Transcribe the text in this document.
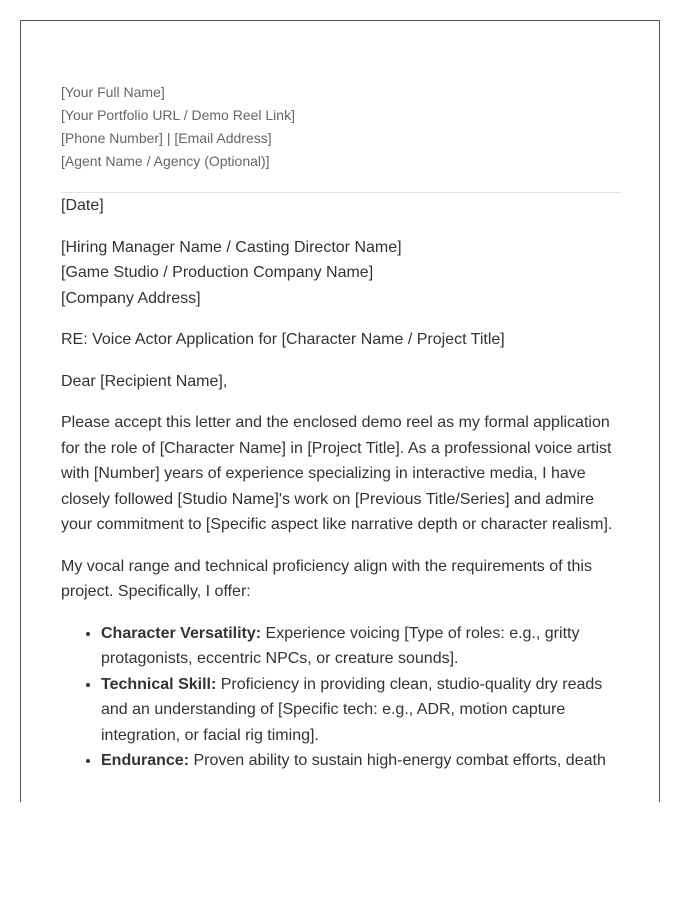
[Your Full Name]
[Your Portfolio URL / Demo Reel Link]
[Phone Number] | [Email Address]
[Agent Name / Agency (Optional)]

[Date]

[Hiring Manager Name / Casting Director Name]
[Game Studio / Production Company Name]
[Company Address]

RE: Voice Actor Application for [Character Name / Project Title]

Dear [Recipient Name],

Please accept this letter and the enclosed demo reel as my formal application for the role of [Character Name] in [Project Title]. As a professional voice artist with [Number] years of experience specializing in interactive media, I have closely followed [Studio Name]'s work on [Previous Title/Series] and admire your commitment to [Specific aspect like narrative depth or character realism].

My vocal range and technical proficiency align with the requirements of this project. Specifically, I offer:

• Character Versatility: Experience voicing [Type of roles: e.g., gritty protagonists, eccentric NPCs, or creature sounds].
• Technical Skill: Proficiency in providing clean, studio-quality dry reads and an understanding of [Specific tech: e.g., ADR, motion capture integration, or facial rig timing].
• Endurance: Proven ability to sustain high-energy combat efforts, death
